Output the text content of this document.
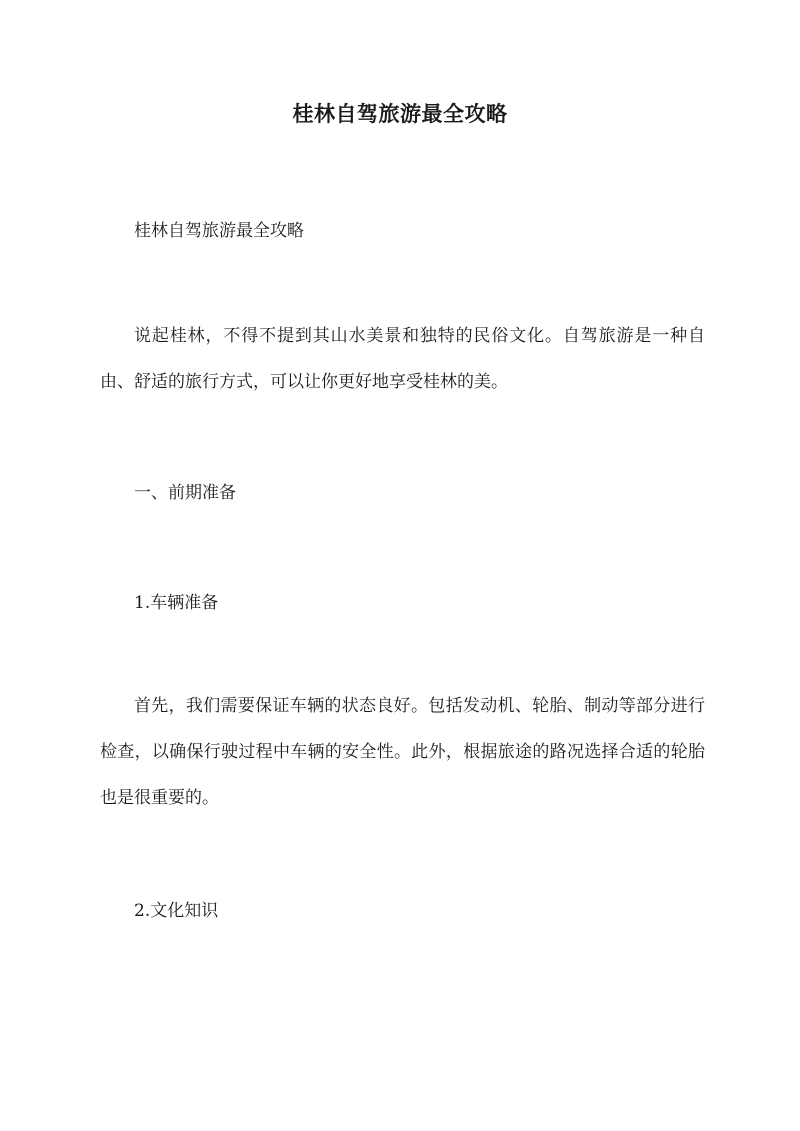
桂林自驾旅游最全攻略

桂林自驾旅游最全攻略

说起桂林，不得不提到其山水美景和独特的民俗文化。自驾旅游是一种自由、舒适的旅行方式，可以让你更好地享受桂林的美。

一、前期准备

1.车辆准备

首先，我们需要保证车辆的状态良好。包括发动机、轮胎、制动等部分进行检查，以确保行驶过程中车辆的安全性。此外，根据旅途的路况选择合适的轮胎也是很重要的。

2.文化知识
